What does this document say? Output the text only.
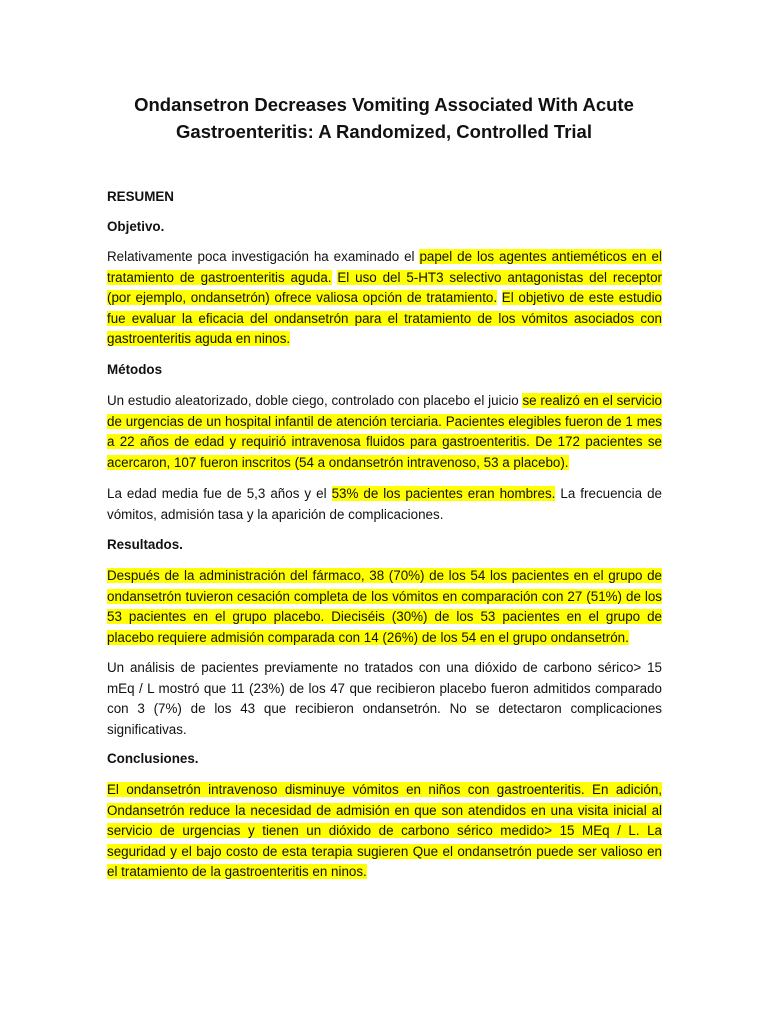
Ondansetron Decreases Vomiting Associated With Acute
Gastroenteritis: A Randomized, Controlled Trial

RESUMEN

Objetivo.

Relativamente poca investigación ha examinado el papel de los agentes antieméticos en el tratamiento de gastroenteritis aguda. El uso del 5-HT3 selectivo antagonistas del receptor (por ejemplo, ondansetrón) ofrece valiosa opción de tratamiento. El objetivo de este estudio fue evaluar la eficacia del ondansetrón para el tratamiento de los vómitos asociados con gastroenteritis aguda en ninos.

Métodos

Un estudio aleatorizado, doble ciego, controlado con placebo el juicio se realizó en el servicio de urgencias de un hospital infantil de atención terciaria. Pacientes elegibles fueron de 1 mes a 22 años de edad y requirió intravenosa fluidos para gastroenteritis. De 172 pacientes se acercaron, 107 fueron inscritos (54 a ondansetrón intravenoso, 53 a placebo).

La edad media fue de 5,3 años y el 53% de los pacientes eran hombres. La frecuencia de vómitos, admisión tasa y la aparición de complicaciones.

Resultados.

Después de la administración del fármaco, 38 (70%) de los 54 los pacientes en el grupo de ondansetrón tuvieron cesación completa de los vómitos en comparación con 27 (51%) de los 53 pacientes en el grupo placebo. Dieciséis (30%) de los 53 pacientes en el grupo de placebo requiere admisión comparada con 14 (26%) de los 54 en el grupo ondansetrón.

Un análisis de pacientes previamente no tratados con una dióxido de carbono sérico> 15 mEq / L mostró que 11 (23%) de los 47 que recibieron placebo fueron admitidos comparado con 3 (7%) de los 43 que recibieron ondansetrón. No se detectaron complicaciones significativas.

Conclusiones.

El ondansetrón intravenoso disminuye vómitos en niños con gastroenteritis. En adición, Ondansetrón reduce la necesidad de admisión en que son atendidos en una visita inicial al servicio de urgencias y tienen un dióxido de carbono sérico medido> 15 MEq / L. La seguridad y el bajo costo de esta terapia sugieren Que el ondansetrón puede ser valioso en el tratamiento de la gastroenteritis en ninos.
